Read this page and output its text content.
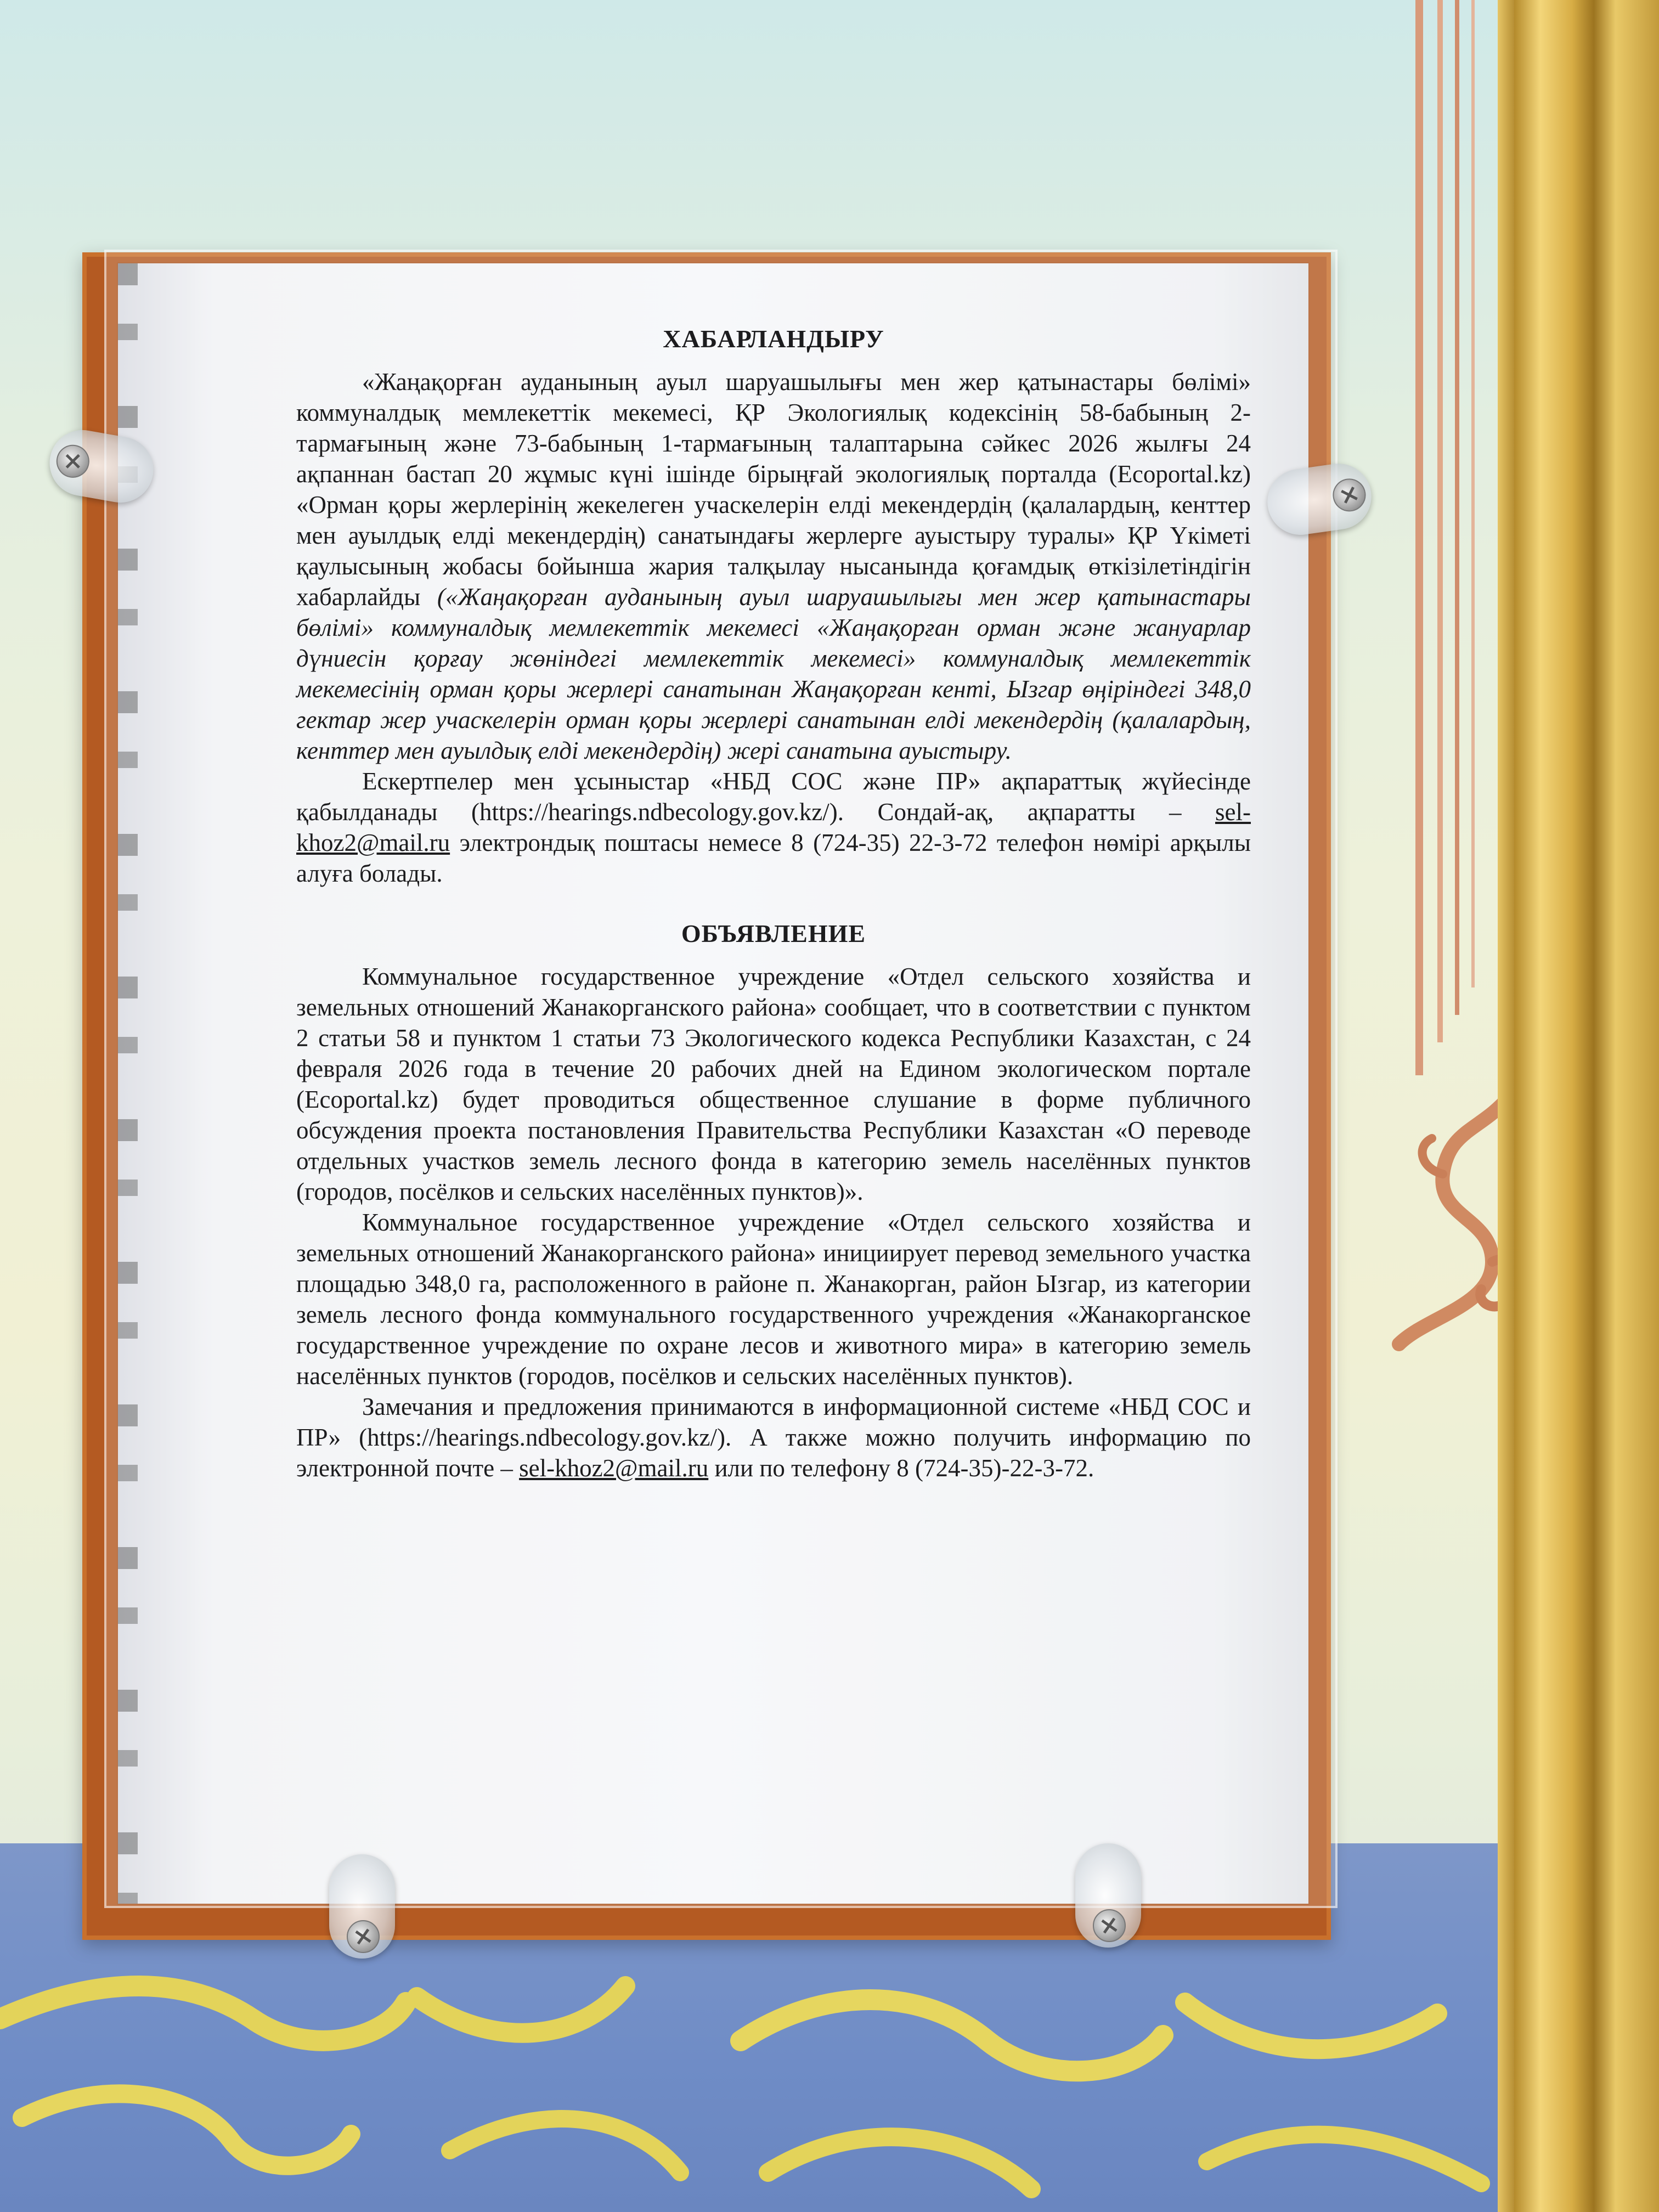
ХАБАРЛАНДЫРУ

«Жаңақорған ауданының ауыл шаруашылығы мен жер қатынастары бөлімі» коммуналдық мемлекеттік мекемесі, ҚР Экологиялық кодексінің 58-бабының 2-тармағының және 73-бабының 1-тармағының талаптарына сәйкес 2026 жылғы 24 ақпаннан бастап 20 жұмыс күні ішінде бірыңғай экологиялық порталда (Ecoportal.kz) «Орман қоры жерлерінің жекелеген учаскелерін елді мекендердің (қалалардың, кенттер мен ауылдық елді мекендердің) санатындағы жерлерге ауыстыру туралы» ҚР Үкіметі қаулысының жобасы бойынша жария талқылау нысанында қоғамдық өткізілетіндігін хабарлайды («Жаңақорған ауданының ауыл шаруашылығы мен жер қатынастары бөлімі» коммуналдық мемлекеттік мекемесі «Жаңақорған орман және жануарлар дүниесін қорғау жөніндегі мемлекеттік мекемесі» коммуналдық мемлекеттік мекемесінің орман қоры жерлері санатынан Жаңақорған кенті, Ызгар өңіріндегі 348,0 гектар жер учаскелерін орман қоры жерлері санатынан елді мекендердің (қалалардың, кенттер мен ауылдық елді мекендердің) жері санатына ауыстыру.

Ескертпелер мен ұсыныстар «НБД СОС және ПР» ақпараттық жүйесінде қабылданады (https://hearings.ndbecology.gov.kz/). Сондай-ақ, ақпаратты – sel-khoz2@mail.ru электрондық поштасы немесе 8 (724-35) 22-3-72 телефон нөмірі арқылы алуға болады.

ОБЪЯВЛЕНИЕ

Коммунальное государственное учреждение «Отдел сельского хозяйства и земельных отношений Жанакорганского района» сообщает, что в соответствии с пунктом 2 статьи 58 и пунктом 1 статьи 73 Экологического кодекса Республики Казахстан, с 24 февраля 2026 года в течение 20 рабочих дней на Едином экологическом портале (Ecoportal.kz) будет проводиться общественное слушание в форме публичного обсуждения проекта постановления Правительства Республики Казахстан «О переводе отдельных участков земель лесного фонда в категорию земель населённых пунктов (городов, посёлков и сельских населённых пунктов)».

Коммунальное государственное учреждение «Отдел сельского хозяйства и земельных отношений Жанакорганского района» инициирует перевод земельного участка площадью 348,0 га, расположенного в районе п. Жанакорган, район Ызгар, из категории земель лесного фонда коммунального государственного учреждения «Жанакорганское государственное учреждение по охране лесов и животного мира» в категорию земель населённых пунктов (городов, посёлков и сельских населённых пунктов).

Замечания и предложения принимаются в информационной системе «НБД СОС и ПР» (https://hearings.ndbecology.gov.kz/). А также можно получить информацию по электронной почте – sel-khoz2@mail.ru или по телефону 8 (724-35)-22-3-72.
